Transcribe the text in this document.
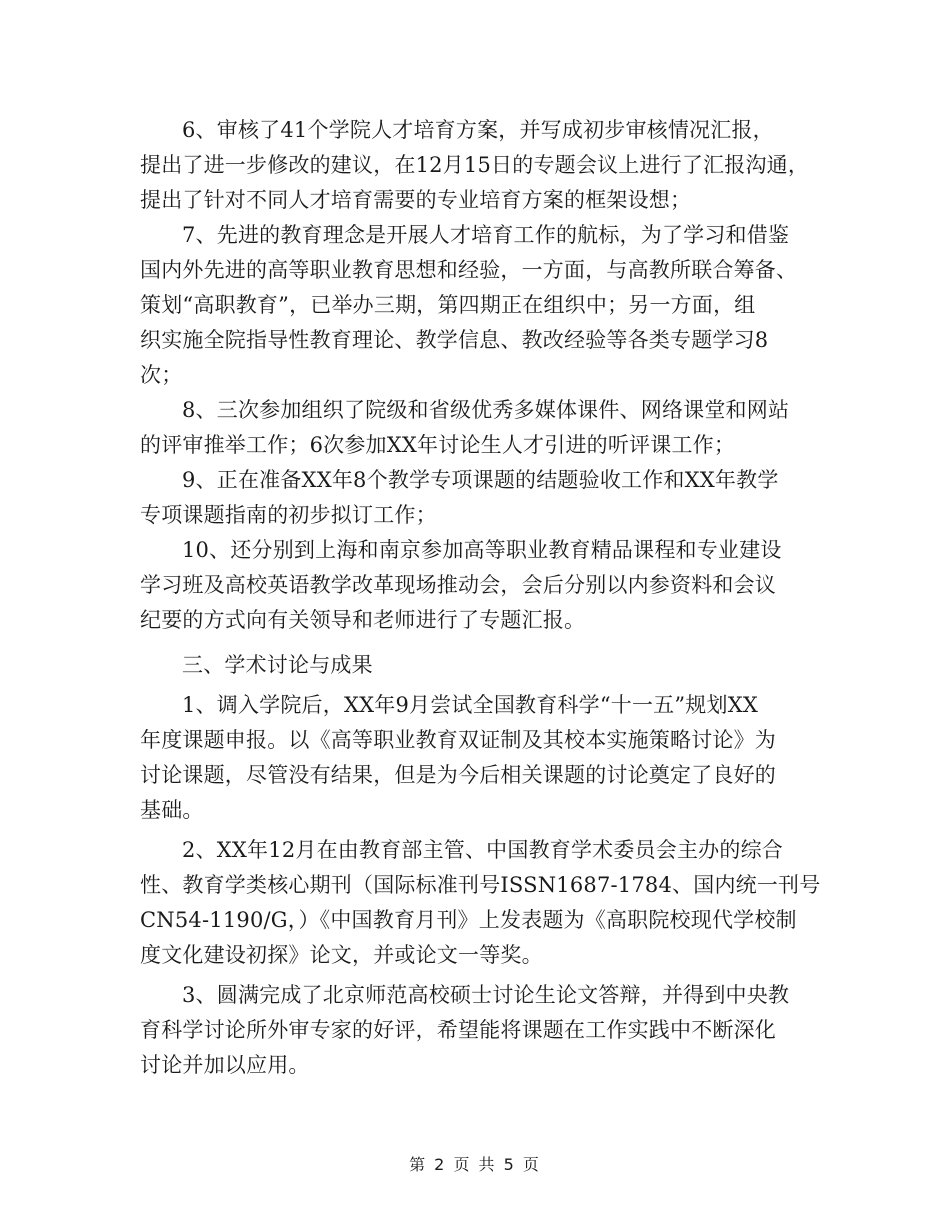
6、审核了41个学院人才培育方案，并写成初步审核情况汇报，
提出了进一步修改的建议，在12月15日的专题会议上进行了汇报沟通，
提出了针对不同人才培育需要的专业培育方案的框架设想；
7、先进的教育理念是开展人才培育工作的航标，为了学习和借鉴
国内外先进的高等职业教育思想和经验，一方面，与高教所联合筹备、
策划“高职教育”，已举办三期，第四期正在组织中；另一方面，组
织实施全院指导性教育理论、教学信息、教改经验等各类专题学习8
次；
8、三次参加组织了院级和省级优秀多媒体课件、网络课堂和网站
的评审推举工作；6次参加XX年讨论生人才引进的听评课工作；
9、正在准备XX年8个教学专项课题的结题验收工作和XX年教学
专项课题指南的初步拟订工作；
10、还分别到上海和南京参加高等职业教育精品课程和专业建设
学习班及高校英语教学改革现场推动会，会后分别以内参资料和会议
纪要的方式向有关领导和老师进行了专题汇报。
三、学术讨论与成果
1、调入学院后，XX年9月尝试全国教育科学“十一五”规划XX
年度课题申报。以《高等职业教育双证制及其校本实施策略讨论》为
讨论课题，尽管没有结果，但是为今后相关课题的讨论奠定了良好的
基础。
2、XX年12月在由教育部主管、中国教育学术委员会主办的综合
性、教育学类核心期刊（国际标准刊号ISSN1687-1784、国内统一刊号
CN54-1190/G，）《中国教育月刊》上发表题为《高职院校现代学校制
度文化建设初探》论文，并或论文一等奖。
3、圆满完成了北京师范高校硕士讨论生论文答辩，并得到中央教
育科学讨论所外审专家的好评，希望能将课题在工作实践中不断深化
讨论并加以应用。
第 2 页 共 5 页
